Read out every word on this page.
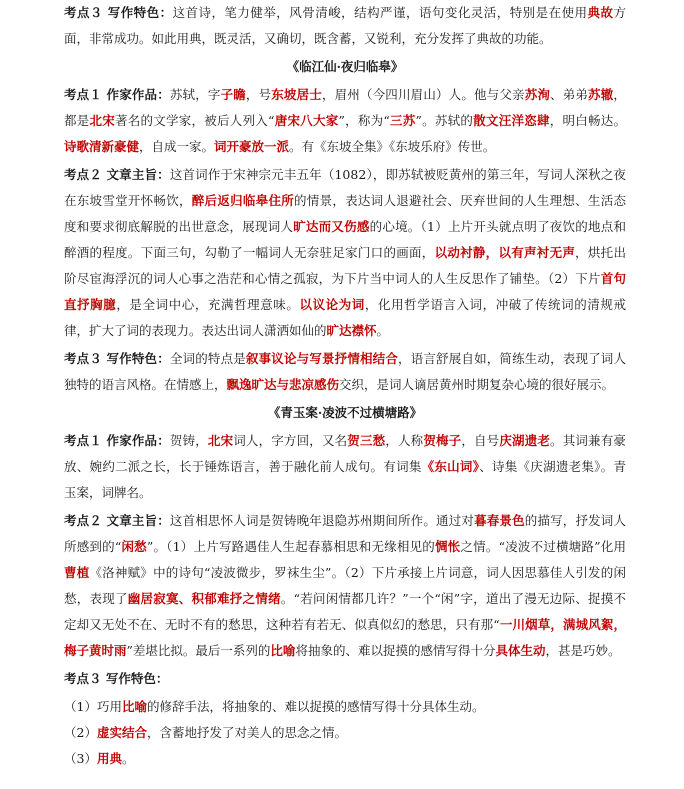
考点３ 写作特色：这首诗，笔力健举，风骨清峻，结构严谨，语句变化灵活，特别是在使用典故方面，非常成功。如此用典，既灵活，又确切，既含蓄，又锐利，充分发挥了典故的功能。

《临江仙·夜归临皋》

考点１ 作家作品：苏轼，字子瞻，号东坡居士，眉州（今四川眉山）人。他与父亲苏洵、弟弟苏辙，都是北宋著名的文学家，被后人列入“唐宋八大家”，称为“三苏”。苏轼的散文汪洋恣肆，明白畅达。诗歌清新豪健，自成一家。词开豪放一派。有《东坡全集》《东坡乐府》传世。

考点２ 文章主旨：这首词作于宋神宗元丰五年（1082），即苏轼被贬黄州的第三年，写词人深秋之夜在东坡雪堂开怀畅饮，醉后返归临皋住所的情景，表达词人退避社会、厌弃世间的人生理想、生活态度和要求彻底解脱的出世意念，展现词人旷达而又伤感的心境。（1）上片开头就点明了夜饮的地点和醉酒的程度。下面三句，勾勒了一幅词人无奈驻足家门口的画面，以动衬静，以有声衬无声，烘托出阶尽宦海浮沉的词人心事之浩茫和心情之孤寂，为下片当中词人的人生反思作了铺垫。（2）下片首句直抒胸臆，是全词中心，充满哲理意味。以议论为词，化用哲学语言入词，冲破了传统词的清规戒律，扩大了词的表现力。表达出词人潇洒如仙的旷达襟怀。

考点３ 写作特色：全词的特点是叙事议论与写景抒情相结合，语言舒展自如，简练生动，表现了词人独特的语言风格。在情感上，飘逸旷达与悲凉感伤交织，是词人谪居黄州时期复杂心境的很好展示。

《青玉案·凌波不过横塘路》

考点１ 作家作品：贺铸，北宋词人，字方回，又名贺三愁，人称贺梅子，自号庆湖遗老。其词兼有豪放、婉约二派之长，长于锤炼语言，善于融化前人成句。有词集《东山词》、诗集《庆湖遗老集》。青玉案，词牌名。

考点２ 文章主旨：这首相思怀人词是贺铸晚年退隐苏州期间所作。通过对暮春景色的描写，抒发词人所感到的“闲愁”。（1）上片写路遇佳人生起春慕相思和无缘相见的惆怅之情。“凌波不过横塘路”化用曹植《洛神赋》中的诗句“凌波微步，罗袜生尘”。（2）下片承接上片词意，词人因思慕佳人引发的闲愁，表现了幽居寂寞、积郁难抒之情绪。“若问闲情都几许？”一个“闲”字，道出了漫无边际、捉摸不定却又无处不在、无时不有的愁思，这种若有若无、似真似幻的愁思，只有那“一川烟草，满城风絮，梅子黄时雨”差堪比拟。最后一系列的比喻将抽象的、难以捉摸的感情写得十分具体生动，甚是巧妙。

考点３ 写作特色：

（1）巧用比喻的修辞手法，将抽象的、难以捉摸的感情写得十分具体生动。

（2）虚实结合，含蓄地抒发了对美人的思念之情。

（3）用典。
